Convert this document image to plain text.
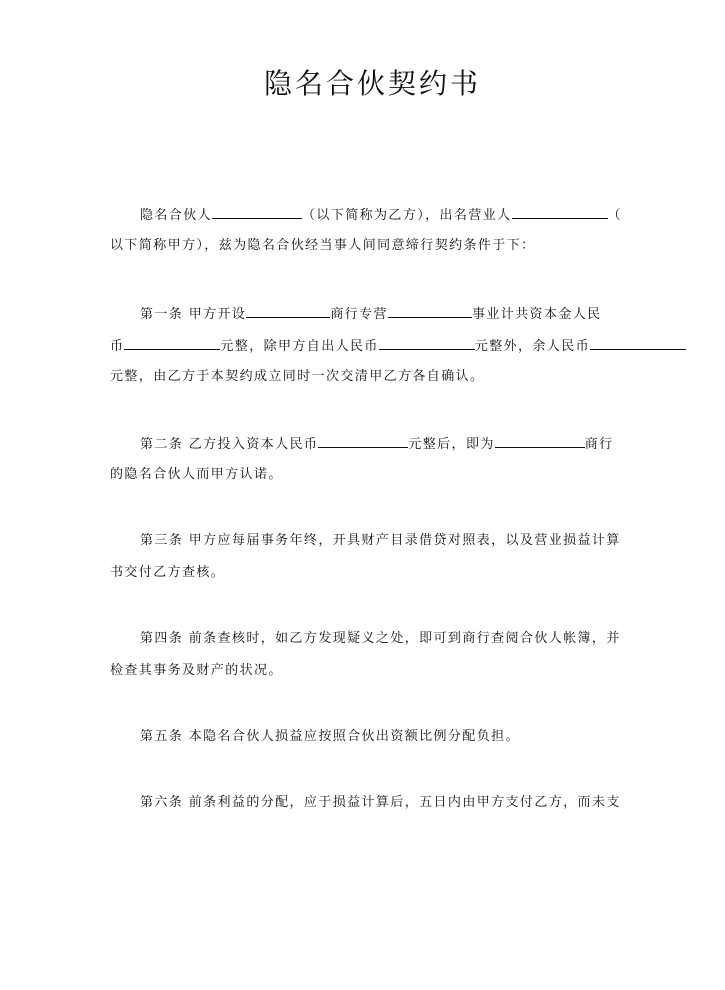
隐名合伙契约书
隐名合伙人	（以下简称为乙方），出名营业人	（
以下简称甲方），兹为隐名合伙经当事人间同意缔行契约条件于下：
第一条 甲方开设	商行专营	事业计共资本金人民
币	元整，除甲方自出人民币	元整外，余人民币
元整，由乙方于本契约成立同时一次交清甲乙方各自确认。
第二条 乙方投入资本人民币	元整后，即为	商行
的隐名合伙人而甲方认诺。
第三条 甲方应每届事务年终，开具财产目录借贷对照表，以及营业损益计算
书交付乙方查核。
第四条 前条查核时，如乙方发现疑义之处，即可到商行查阅合伙人帐簿，并
检查其事务及财产的状况。
第五条 本隐名合伙人损益应按照合伙出资额比例分配负担。
第六条 前条利益的分配，应于损益计算后，五日内由甲方支付乙方，而未支
